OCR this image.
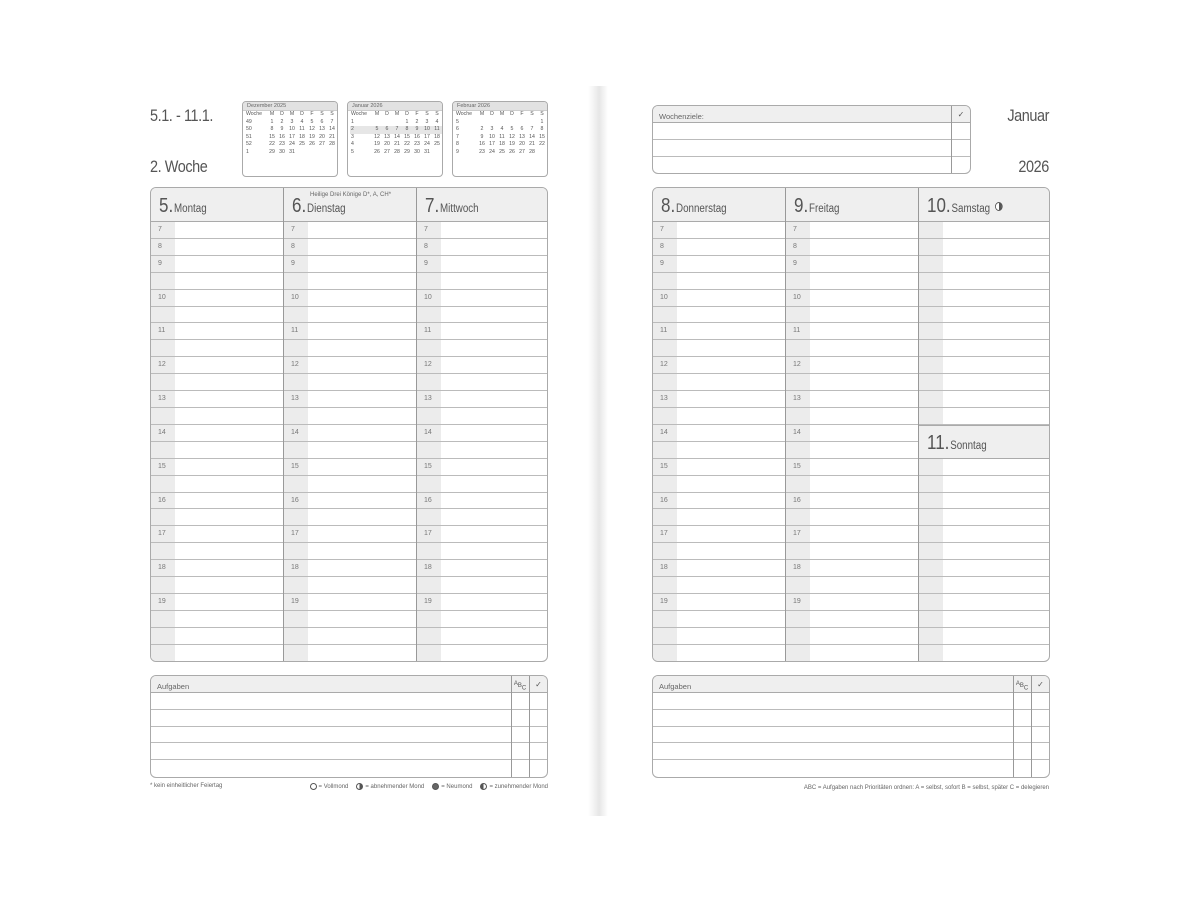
5.1. - 11.1.
2. Woche
Dezember 2025
Woche	M	D	M	D	F	S	S
49	1	2	3	4	5	6	7
50	8	9	10	11	12	13	14
51	15	16	17	18	19	20	21
52	22	23	24	25	26	27	28
1	29	30	31				
Januar 2026
Woche	M	D	M	D	F	S	S
1				1	2	3	4
2	5	6	7	8	9	10	11
3	12	13	14	15	16	17	18
4	19	20	21	22	23	24	25
5	26	27	28	29	30	31	
Februar 2026
Woche	M	D	M	D	F	S	S
5							1
6	2	3	4	5	6	7	8
7	9	10	11	12	13	14	15
8	16	17	18	19	20	21	22
9	23	24	25	26	27	28	
5.Montag
7
8
9
10
11
12
13
14
15
16
17
18
19
Heilige Drei Könige D*, A, CH*
6.Dienstag
7
8
9
10
11
12
13
14
15
16
17
18
19
7.Mittwoch
7
8
9
10
11
12
13
14
15
16
17
18
19
Aufgaben	$^AB_C$	✓
* kein einheitlicher Feiertag	= Vollmond	= abnehmender Mond	= Neumond	= zunehmender Mond
Wochenziele:	✓	Januar
2026
8.Donnerstag
7
8
9
10
11
12
13
14
15
16
17
18
19
9.Freitag
7
8
9
10
11
12
13
14
15
16
17
18
19
10.Samstag
11.Sonntag
Aufgaben	$^AB_C$	✓
ABC = Aufgaben nach Prioritäten ordnen: A = selbst, sofort B = selbst, später C = delegieren
